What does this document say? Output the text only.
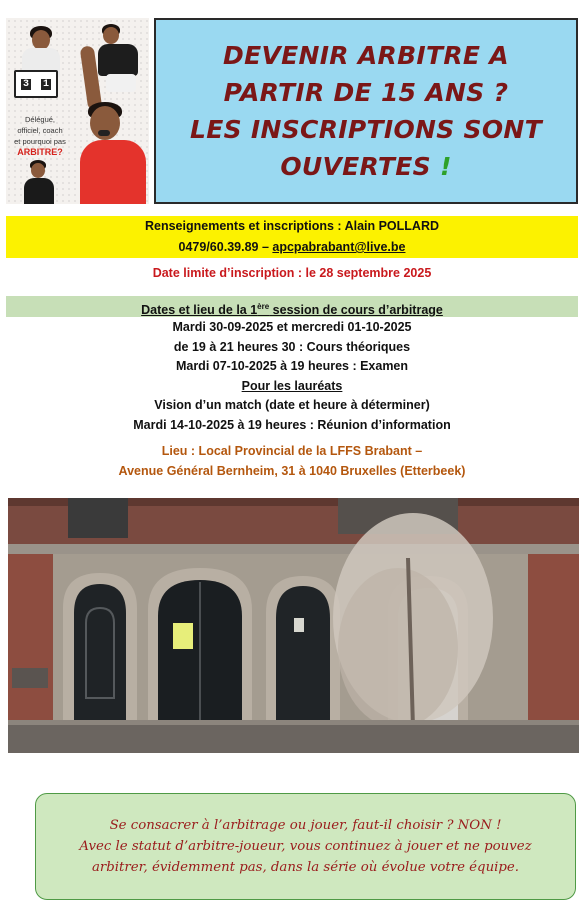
3 1
Délégué,
officiel, coach
et pourquoi pas
ARBITRE?
DEVENIR ARBITRE A
PARTIR DE 15 ANS ?
LES INSCRIPTIONS SONT
OUVERTES !
Renseignements et inscriptions : Alain POLLARD
0479/60.39.89 – apcpabrabant@live.be
Date limite d’inscription : le 28 septembre 2025
Dates et lieu de la 1ère session de cours d’arbitrage
Mardi 30-09-2025 et mercredi 01-10-2025
de 19 à 21 heures 30 : Cours théoriques
Mardi 07-10-2025 à 19 heures : Examen
Pour les lauréats
Vision d’un match (date et heure à déterminer)
Mardi 14-10-2025 à 19 heures : Réunion d’information
Lieu : Local Provincial de la LFFS Brabant –
Avenue Général Bernheim, 31 à 1040 Bruxelles (Etterbeek)
Se consacrer à l’arbitrage ou jouer, faut-il choisir ? NON !
Avec le statut d’arbitre-joueur, vous continuez à jouer et ne pouvez
arbitrer, évidemment pas, dans la série où évolue votre équipe.
